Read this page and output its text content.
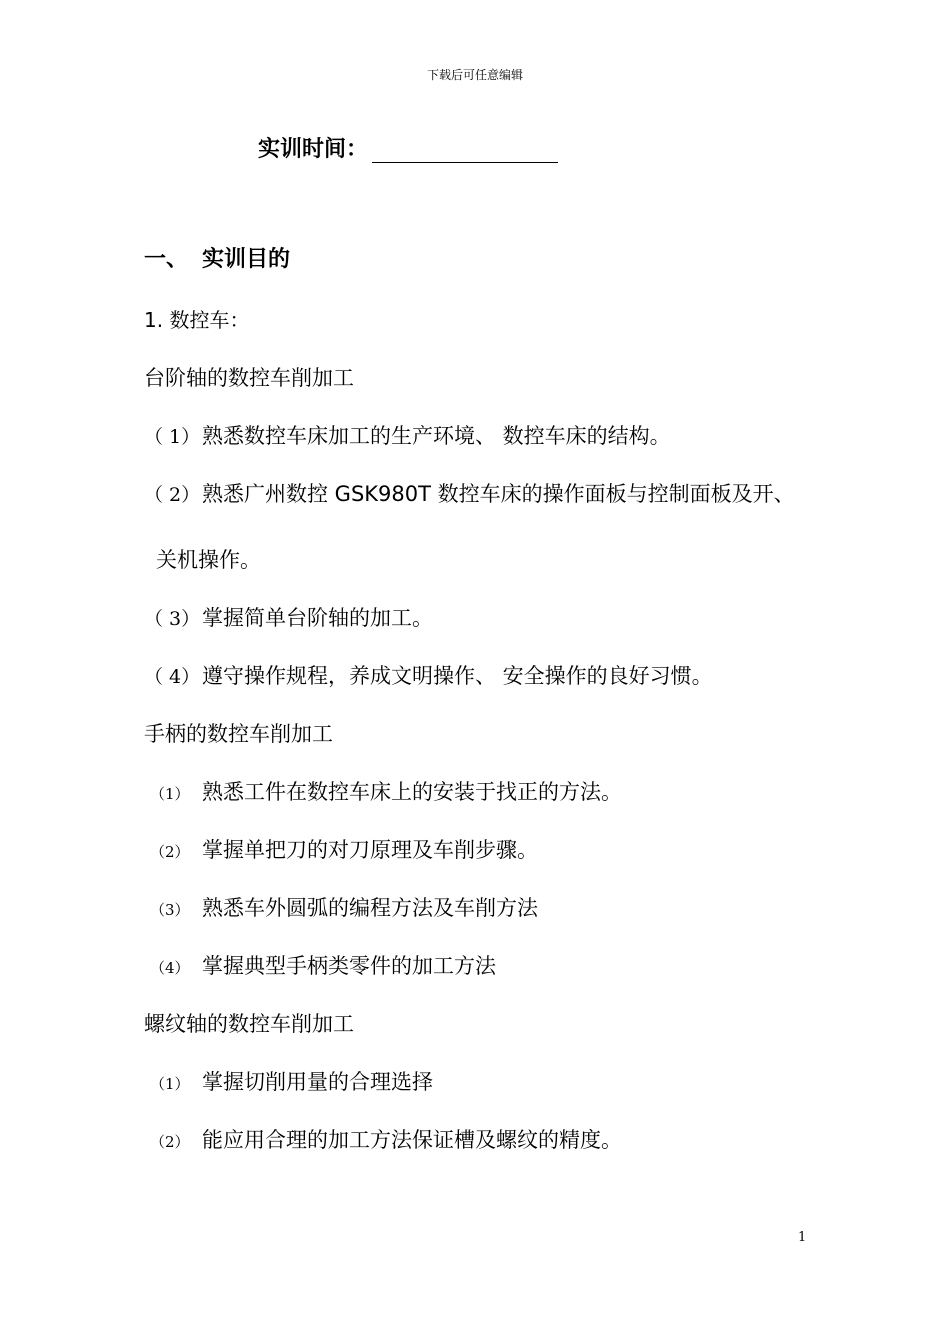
下载后可任意编辑
实训时间：
一、 实训目的
1. 数控车：
台阶轴的数控车削加工
（ 1）熟悉数控车床加工的生产环境、 数控车床的结构。
（ 2）熟悉广州数控 GSK980T 数控车床的操作面板与控制面板及开、
关机操作。
（ 3）掌握简单台阶轴的加工。
（ 4）遵守操作规程，养成文明操作、 安全操作的良好习惯。
手柄的数控车削加工
（1） 熟悉工件在数控车床上的安装于找正的方法。
（2） 掌握单把刀的对刀原理及车削步骤。
（3） 熟悉车外圆弧的编程方法及车削方法
（4） 掌握典型手柄类零件的加工方法
螺纹轴的数控车削加工
（1） 掌握切削用量的合理选择
（2） 能应用合理的加工方法保证槽及螺纹的精度。
1
